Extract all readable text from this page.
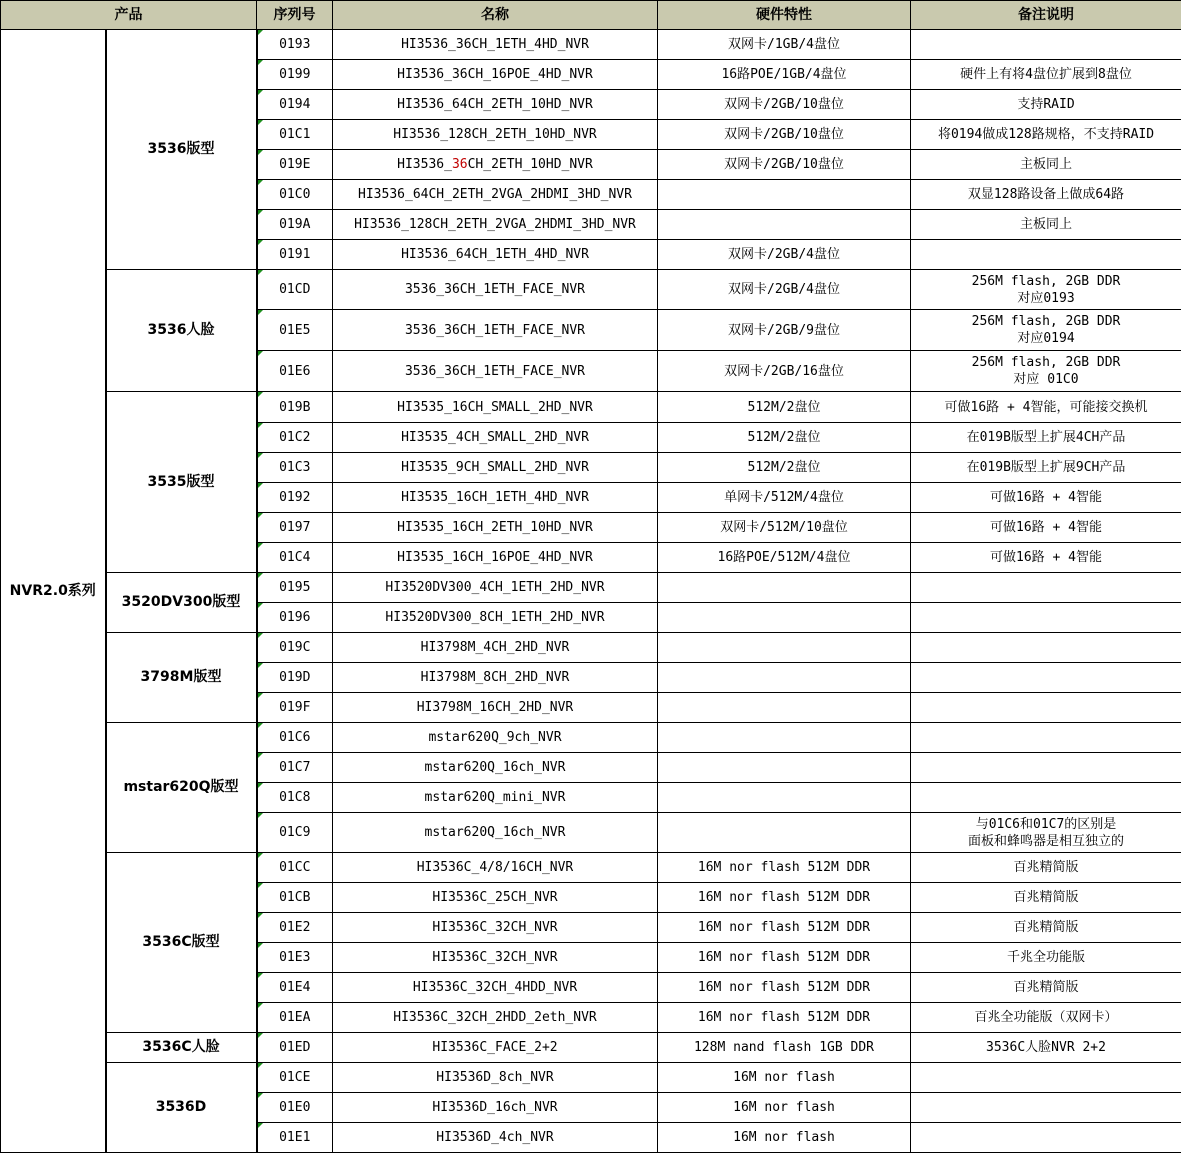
产品		序列号	名称	硬件特性	备注说明
NVR2.0系列	3536版型	0193	HI3536_36CH_1ETH_4HD_NVR	双网卡/1GB/4盘位	

0199	HI3536_36CH_16POE_4HD_NVR	16路POE/1GB/4盘位	硬件上有将4盘位扩展到8盘位

0194	HI3536_64CH_2ETH_10HD_NVR	双网卡/2GB/10盘位	支持RAID

01C1	HI3536_128CH_2ETH_10HD_NVR	双网卡/2GB/10盘位	将0194做成128路规格，不支持RAID

019E	HI3536_36CH_2ETH_10HD_NVR	双网卡/2GB/10盘位	主板同上

01C0	HI3536_64CH_2ETH_2VGA_2HDMI_3HD_NVR		双显128路设备上做成64路

019A	HI3536_128CH_2ETH_2VGA_2HDMI_3HD_NVR		主板同上

0191	HI3536_64CH_1ETH_4HD_NVR	双网卡/2GB/4盘位	
	3536人脸	01CD	3536_36CH_1ETH_FACE_NVR	双网卡/2GB/4盘位	256M flash, 2GB DDR
对应0193

01E5	3536_36CH_1ETH_FACE_NVR	双网卡/2GB/9盘位	256M flash, 2GB DDR
对应0194

01E6	3536_36CH_1ETH_FACE_NVR	双网卡/2GB/16盘位	256M flash, 2GB DDR
对应 01C0

	3535版型	019B	HI3535_16CH_SMALL_2HD_NVR	512M/2盘位	可做16路 + 4智能，可能接交换机

01C2	HI3535_4CH_SMALL_2HD_NVR	512M/2盘位	在019B版型上扩展4CH产品

01C3	HI3535_9CH_SMALL_2HD_NVR	512M/2盘位	在019B版型上扩展9CH产品

0192	HI3535_16CH_1ETH_4HD_NVR	单网卡/512M/4盘位	可做16路 + 4智能

0197	HI3535_16CH_2ETH_10HD_NVR	双网卡/512M/10盘位	可做16路 + 4智能

01C4	HI3535_16CH_16POE_4HD_NVR	16路POE/512M/4盘位	可做16路 + 4智能
	3520DV300版型	0195	HI3520DV300_4CH_1ETH_2HD_NVR		

0196	HI3520DV300_8CH_1ETH_2HD_NVR		
	3798M版型	019C	HI3798M_4CH_2HD_NVR		

019D	HI3798M_8CH_2HD_NVR		

019F	HI3798M_16CH_2HD_NVR		
	mstar620Q版型	01C6	mstar620Q_9ch_NVR		

01C7	mstar620Q_16ch_NVR		

01C8	mstar620Q_mini_NVR		

01C9	mstar620Q_16ch_NVR		与01C6和01C7的区别是
面板和蜂鸣器是相互独立的

	3536C版型	01CC	HI3536C_4/8/16CH_NVR	16M nor flash 512M DDR	百兆精简版

01CB	HI3536C_25CH_NVR	16M nor flash 512M DDR	百兆精简版

01E2	HI3536C_32CH_NVR	16M nor flash 512M DDR	百兆精简版

01E3	HI3536C_32CH_NVR	16M nor flash 512M DDR	千兆全功能版

01E4	HI3536C_32CH_4HDD_NVR	16M nor flash 512M DDR	百兆精简版

01EA	HI3536C_32CH_2HDD_2eth_NVR	16M nor flash 512M DDR	百兆全功能版（双网卡）
	3536C人脸	01ED	HI3536C_FACE_2+2	128M nand flash 1GB DDR	3536C人脸NVR 2+2
	3536D	01CE	HI3536D_8ch_NVR	16M nor flash	

01E0	HI3536D_16ch_NVR	16M nor flash	

01E1	HI3536D_4ch_NVR	16M nor flash	
